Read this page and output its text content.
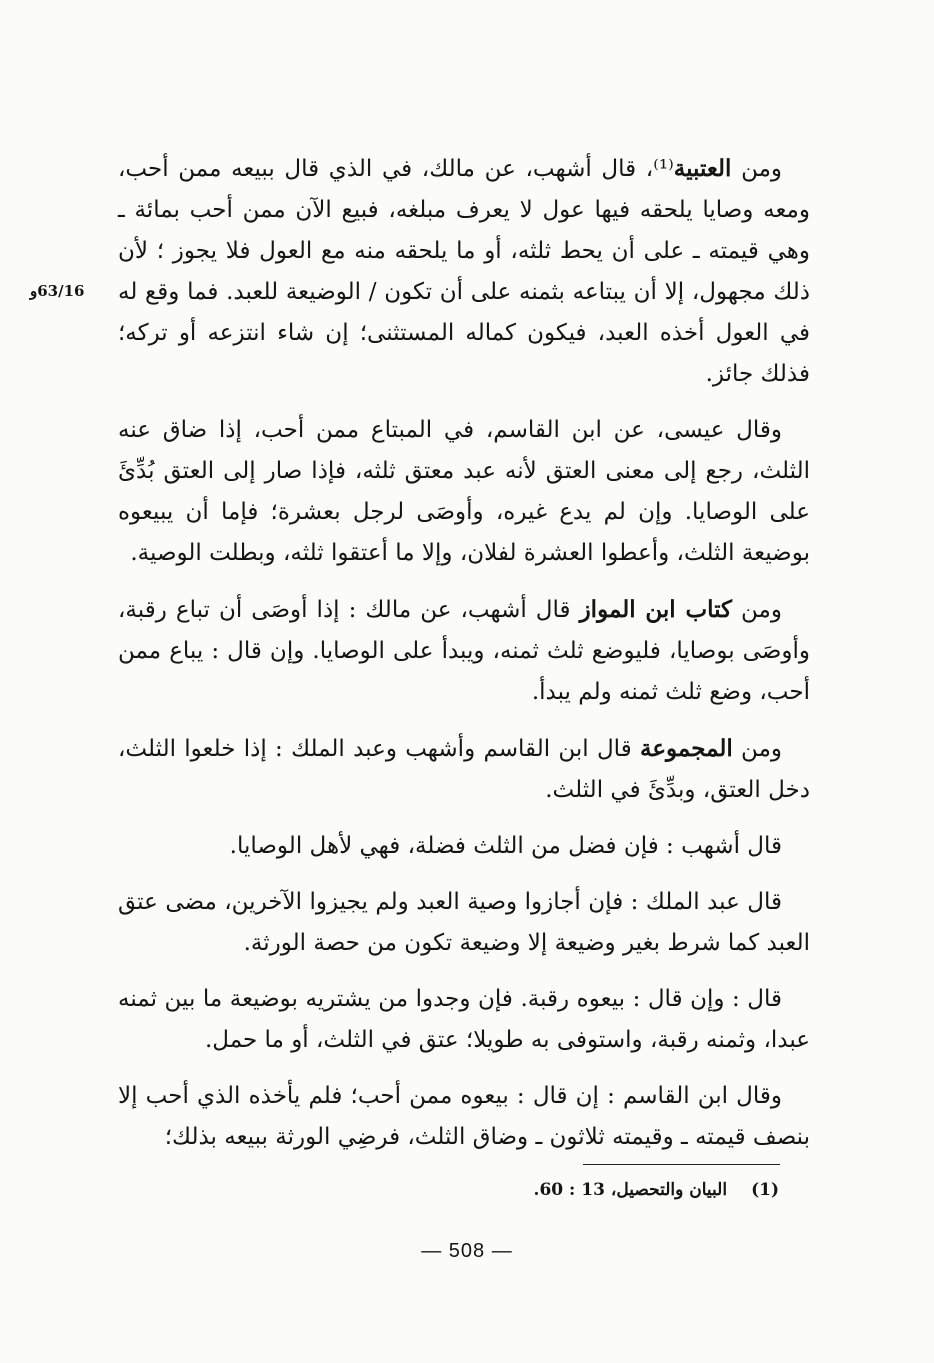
63/16و

ومن العتبية⁽¹⁾، قال أشهب، عن مالك، في الذي قال ببيعه ممن أحب، ومعه وصايا يلحقه فيها عول لا يعرف مبلغه، فبيع الآن ممن أحب بمائة ـ وهي قيمته ـ على أن يحط ثلثه، أو ما يلحقه منه مع العول فلا يجوز ؛ لأن ذلك مجهول، إلا أن يبتاعه بثمنه على أن تكون / الوضيعة للعبد. فما وقع له في العول أخذه العبد، فيكون كماله المستثنى؛ إن شاء انتزعه أو تركه؛ فذلك جائز.

وقال عيسى، عن ابن القاسم، في المبتاع ممن أحب، إذا ضاق عنه الثلث، رجع إلى معنى العتق لأنه عبد معتق ثلثه، فإذا صار إلى العتق بُدِّئَ على الوصايا. وإن لم يدع غيره، وأوصَى لرجل بعشرة؛ فإما أن يبيعوه بوضيعة الثلث، وأعطوا العشرة لفلان، وإلا ما أعتقوا ثلثه، وبطلت الوصية.

ومن كتاب ابن المواز قال أشهب، عن مالك : إذا أوصَى أن تباع رقبة، وأوصَى بوصايا، فليوضع ثلث ثمنه، ويبدأ على الوصايا. وإن قال : يباع ممن أحب، وضع ثلث ثمنه ولم يبدأ.

ومن المجموعة قال ابن القاسم وأشهب وعبد الملك : إذا خلعوا الثلث، دخل العتق، وبدِّئَ في الثلث.

قال أشهب : فإن فضل من الثلث فضلة، فهي لأهل الوصايا.

قال عبد الملك : فإن أجازوا وصية العبد ولم يجيزوا الآخرين، مضى عتق العبد كما شرط بغير وضيعة إلا وضيعة تكون من حصة الورثة.

قال : وإن قال : بيعوه رقبة. فإن وجدوا من يشتريه بوضيعة ما بين ثمنه عبدا، وثمنه رقبة، واستوفى به طويلا؛ عتق في الثلث، أو ما حمل.

وقال ابن القاسم : إن قال : بيعوه ممن أحب؛ فلم يأخذه الذي أحب إلا بنصف قيمته ـ وقيمته ثلاثون ـ وضاق الثلث، فرضِي الورثة ببيعه بذلك؛

(1)البيان والتحصيل، 13 : 60.
— 508 —
